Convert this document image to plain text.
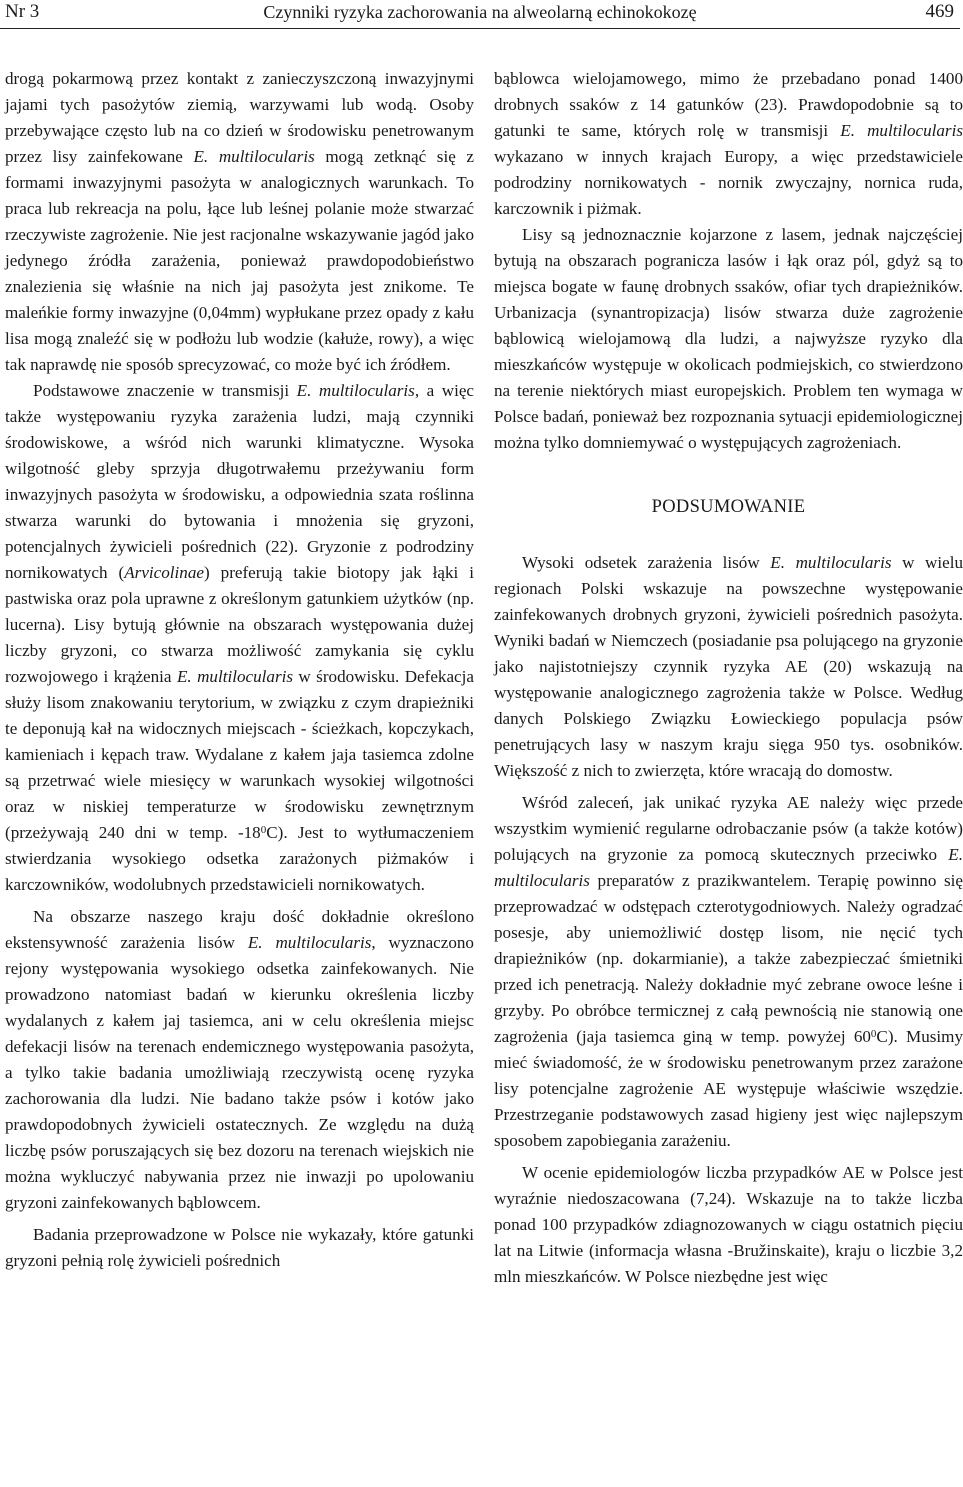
Nr 3	Czynniki ryzyka zachorowania na alweolarną echinokokozę	469

drogą pokarmową przez kontakt z zanieczyszczoną inwazyjnymi jajami tych pasożytów ziemią, warzywami lub wodą. Osoby przebywające często lub na co dzień w środowisku penetrowanym przez lisy zainfekowane E. multilocularis mogą zetknąć się z formami inwazyjnymi pasożyta w analogicznych warunkach. To praca lub rekreacja na polu, łące lub leśnej polanie może stwarzać rzeczywiste zagrożenie. Nie jest racjonalne wskazywanie jagód jako jedynego źródła zarażenia, ponieważ prawdopodobieństwo znalezienia się właśnie na nich jaj pasożyta jest znikome. Te maleńkie formy inwazyjne (0,04mm) wypłukane przez opady z kału lisa mogą znaleźć się w podłożu lub wodzie (kałuże, rowy), a więc tak naprawdę nie sposób sprecyzować, co może być ich źródłem.

Podstawowe znaczenie w transmisji E. multilocularis, a więc także występowaniu ryzyka zarażenia ludzi, mają czynniki środowiskowe, a wśród nich warunki klimatyczne. Wysoka wilgotność gleby sprzyja długotrwałemu przeżywaniu form inwazyjnych pasożyta w środowisku, a odpowiednia szata roślinna stwarza warunki do bytowania i mnożenia się gryzoni, potencjalnych żywicieli pośrednich (22). Gryzonie z podrodziny nornikowatych (Arvicolinae) preferują takie biotopy jak łąki i pastwiska oraz pola uprawne z określonym gatunkiem użytków (np. lucerna). Lisy bytują głównie na obszarach występowania dużej liczby gryzoni, co stwarza możliwość zamykania się cyklu rozwojowego i krążenia E. multilocularis w środowisku. Defekacja służy lisom znakowaniu terytorium, w związku z czym drapieżniki te deponują kał na widocznych miejscach - ścieżkach, kopczykach, kamieniach i kępach traw. Wydalane z kałem jaja tasiemca zdolne są przetrwać wiele miesięcy w warunkach wysokiej wilgotności oraz w niskiej temperaturze w środowisku zewnętrznym (przeżywają 240 dni w temp. $-18^0C$). Jest to wytłumaczeniem stwierdzania wysokiego odsetka zarażonych piżmaków i karczowników, wodolubnych przedstawicieli nornikowatych.

Na obszarze naszego kraju dość dokładnie określono ekstensywność zarażenia lisów E. multilocularis, wyznaczono rejony występowania wysokiego odsetka zainfekowanych. Nie prowadzono natomiast badań w kierunku określenia liczby wydalanych z kałem jaj tasiemca, ani w celu określenia miejsc defekacji lisów na terenach endemicznego występowania pasożyta, a tylko takie badania umożliwiają rzeczywistą ocenę ryzyka zachorowania dla ludzi. Nie badano także psów i kotów jako prawdopodobnych żywicieli ostatecznych. Ze względu na dużą liczbę psów poruszających się bez dozoru na terenach wiejskich nie można wykluczyć nabywania przez nie inwazji po upolowaniu gryzoni zainfekowanych bąblowcem.

Badania przeprowadzone w Polsce nie wykazały, które gatunki gryzoni pełnią rolę żywicieli pośrednich

bąblowca wielojamowego, mimo że przebadano ponad 1400 drobnych ssaków z 14 gatunków (23). Prawdopodobnie są to gatunki te same, których rolę w transmisji E. multilocularis wykazano w innych krajach Europy, a więc przedstawiciele podrodziny nornikowatych - nornik zwyczajny, nornica ruda, karczownik i piżmak.

Lisy są jednoznacznie kojarzone z lasem, jednak najczęściej bytują na obszarach pogranicza lasów i łąk oraz pól, gdyż są to miejsca bogate w faunę drobnych ssaków, ofiar tych drapieżników. Urbanizacja (synantropizacja) lisów stwarza duże zagrożenie bąblowicą wielojamową dla ludzi, a najwyższe ryzyko dla mieszkańców występuje w okolicach podmiejskich, co stwierdzono na terenie niektórych miast europejskich. Problem ten wymaga w Polsce badań, ponieważ bez rozpoznania sytuacji epidemiologicznej można tylko domniemywać o występujących zagrożeniach.

PODSUMOWANIE

Wysoki odsetek zarażenia lisów E. multilocularis w wielu regionach Polski wskazuje na powszechne występowanie zainfekowanych drobnych gryzoni, żywicieli pośrednich pasożyta. Wyniki badań w Niemczech (posiadanie psa polującego na gryzonie jako najistotniejszy czynnik ryzyka AE (20) wskazują na występowanie analogicznego zagrożenia także w Polsce. Według danych Polskiego Związku Łowieckiego populacja psów penetrujących lasy w naszym kraju sięga 950 tys. osobników. Większość z nich to zwierzęta, które wracają do domostw.

Wśród zaleceń, jak unikać ryzyka AE należy więc przede wszystkim wymienić regularne odrobaczanie psów (a także kotów) polujących na gryzonie za pomocą skutecznych przeciwko E. multilocularis preparatów z prazikwantelem. Terapię powinno się przeprowadzać w odstępach czterotygodniowych. Należy ogradzać posesje, aby uniemożliwić dostęp lisom, nie nęcić tych drapieżników (np. dokarmianie), a także zabezpieczać śmietniki przed ich penetracją. Należy dokładnie myć zebrane owoce leśne i grzyby. Po obróbce termicznej z całą pewnością nie stanowią one zagrożenia (jaja tasiemca giną w temp. powyżej $60^0C$). Musimy mieć świadomość, że w środowisku penetrowanym przez zarażone lisy potencjalne zagrożenie AE występuje właściwie wszędzie. Przestrzeganie podstawowych zasad higieny jest więc najlepszym sposobem zapobiegania zarażeniu.

W ocenie epidemiologów liczba przypadków AE w Polsce jest wyraźnie niedoszacowana (7,24). Wskazuje na to także liczba ponad 100 przypadków zdiagnozowanych w ciągu ostatnich pięciu lat na Litwie (informacja własna -Bružinskaite), kraju o liczbie 3,2 mln mieszkańców. W Polsce niezbędne jest więc
